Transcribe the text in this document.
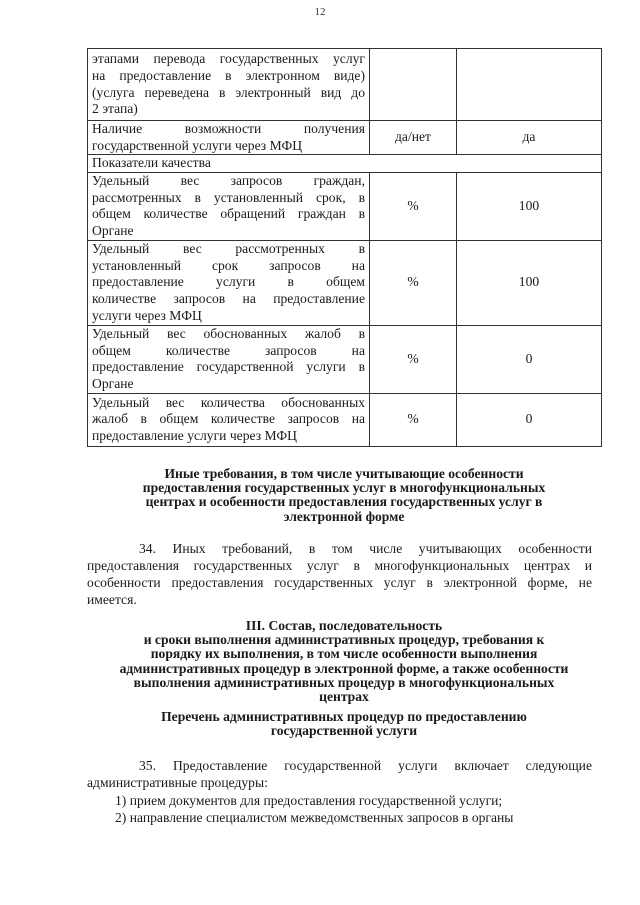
12
этапами перевода государственных услуг
на предоставление в электронном виде)
(услуга переведена в электронный вид до
2 этапа)		

Наличие возможности получения
государственной услуги через МФЦ	да/нет	да
Показатели качества		

Удельный вес запросов граждан,
рассмотренных в установленный срок, в
общем количестве обращений граждан в
Органе	%	100

Удельный вес рассмотренных в
установленный срок запросов на
предоставление услуги в общем
количестве запросов на предоставление
услуги через МФЦ	%	100

Удельный вес обоснованных жалоб в
общем количестве запросов на
предоставление государственной услуги в
Органе	%	0

Удельный вес количества обоснованных
жалоб в общем количестве запросов на
предоставление услуги через МФЦ	%	0
Иные требования, в том числе учитывающие особенности
предоставления государственных услуг в многофункциональных
центрах и особенности предоставления государственных услуг в
электронной форме
34. Иных требований, в том числе учитывающих особенности предоставления государственных услуг в многофункциональных центрах и особенности предоставления государственных услуг в электронной форме, не имеется.
III. Состав, последовательность
и сроки выполнения административных процедур, требования к
порядку их выполнения, в том числе особенности выполнения
административных процедур в электронной форме, а также особенности
выполнения административных процедур в многофункциональных
центрах
Перечень административных процедур по предоставлению
государственной услуги
35. Предоставление государственной услуги включает следующие административные процедуры:
1) прием документов для предоставления государственной услуги;
2) направление специалистом межведомственных запросов в органы
